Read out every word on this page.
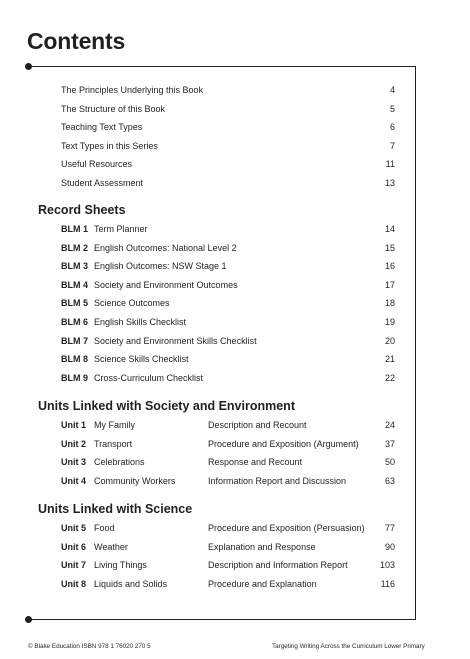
Contents
The Principles Underlying this Book	4
The Structure of this Book	5
Teaching Text Types	6
Text Types in this Series	7
Useful Resources	11
Student Assessment	13
Record Sheets
BLM 1 Term Planner	14
BLM 2 English Outcomes: National Level 2	15
BLM 3 English Outcomes: NSW Stage 1	16
BLM 4 Society and Environment Outcomes	17
BLM 5 Science Outcomes	18
BLM 6 English Skills Checklist	19
BLM 7 Society and Environment Skills Checklist	20
BLM 8 Science Skills Checklist	21
BLM 9 Cross-Curriculum Checklist	22
Units Linked with Society and Environment
Unit 1 My Family	Description and Recount	24
Unit 2 Transport	Procedure and Exposition (Argument)	37
Unit 3 Celebrations	Response and Recount	50
Unit 4 Community Workers	Information Report and Discussion	63
Units Linked with Science
Unit 5 Food	Procedure and Exposition (Persuasion) 77
Unit 6 Weather	Explanation and Response	90
Unit 7 Living Things	Description and Information Report	103
Unit 8 Liquids and Solids	Procedure and Explanation	116
© Blake Education ISBN 978 1 76020 270 5	Targeting Writing Across the Curriculum Lower Primary
